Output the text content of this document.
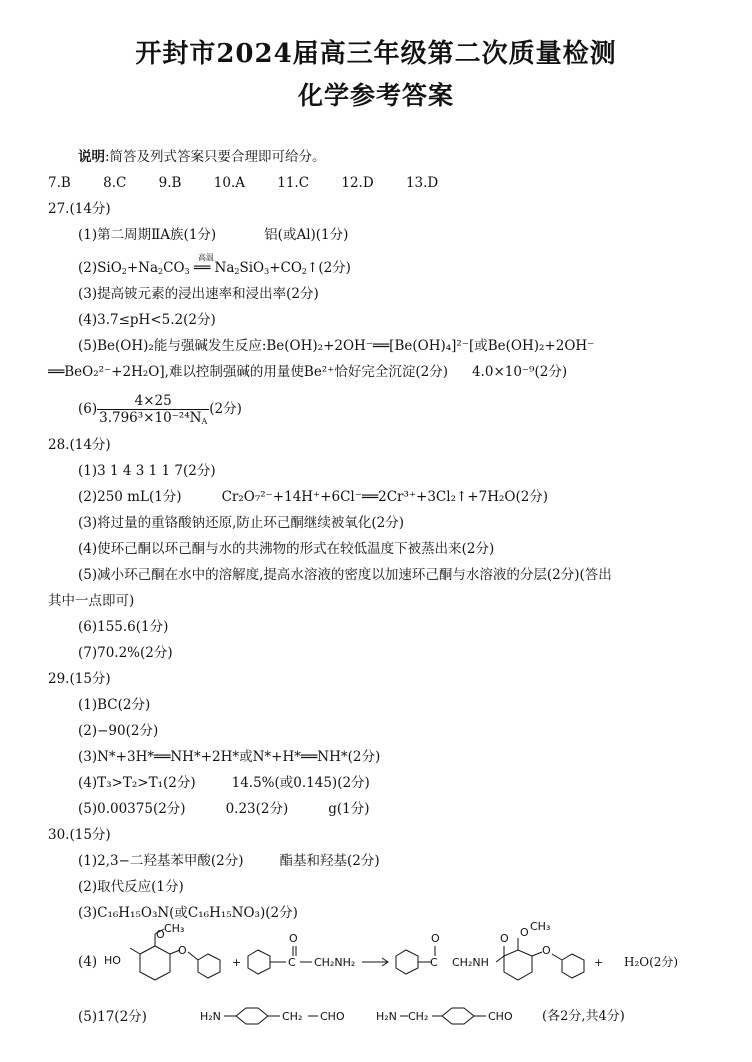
开封市2024届高三年级第二次质量检测
化学参考答案
说明:简答及列式答案只要合理即可给分。
7.B 8.C 9.B 10.A 11.C 12.D 13.D
27.(14分)
(1)第二周期ⅡA族(1分)	铝(或Al)(1分)
$(2)SiO_2+Na_2CO_3$
高温
══ $Na_2SiO_3+CO_2↑(2$分)
(3)提高铍元素的浸出速率和浸出率(2分)
(4)3.7≤pH<5.2(2分)
(5)Be(OH)₂能与强碱发生反应:Be(OH)₂+2OH⁻══[Be(OH)₄]²⁻[或Be(OH)₂+2OH⁻
══BeO₂²⁻+2H₂O],难以控制强碱的用量使Be²⁺恰好完全沉淀(2分) 4.0×10⁻⁹(2分)
$(6) \frac{4\times 25}{3.796^3\times 10^{-24}N_A} (2$分)
28.(14分)
(1)3 1 4 3 1 1 7(2分)
(2)250 mL(1分)	Cr₂O₇²⁻+14H⁺+6Cl⁻══2Cr³⁺+3Cl₂↑+7H₂O(2分)
(3)将过量的重铬酸钠还原,防止环己酮继续被氧化(2分)
(4)使环己酮以环己酮与水的共沸物的形式在较低温度下被蒸出来(2分)
(5)减小环己酮在水中的溶解度,提高水溶液的密度以加速环己酮与水溶液的分层(2分)(答出
其中一点即可)
(6)155.6(1分)
(7)70.2%(2分)
29.(15分)
(1)BC(2分)
(2)−90(2分)
(3)N*+3H*══NH*+2H*或N*+H*══NH*(2分)
(4)T₃>T₂>T₁(2分)	14.5%(或0.145)(2分)
(5)0.00375(2分)	0.23(2分)	g(1分)
30.(15分)
(1)2,3−二羟基苯甲酸(2分)	酯基和羟基(2分)
(2)取代反应(1分)
(3)C₁₆H₁₅O₃N(或C₁₆H₁₅NO₃)(2分)
(4) HO
O CH₃
O
+
O
C CH₂NH₂
O
C CH₂NH
O O CH₃
O
+ H₂O(2分)
(5)17(2分)	H₂N	CH₂ CHO	H₂N CH₂	CHO (各2分,共4分)
